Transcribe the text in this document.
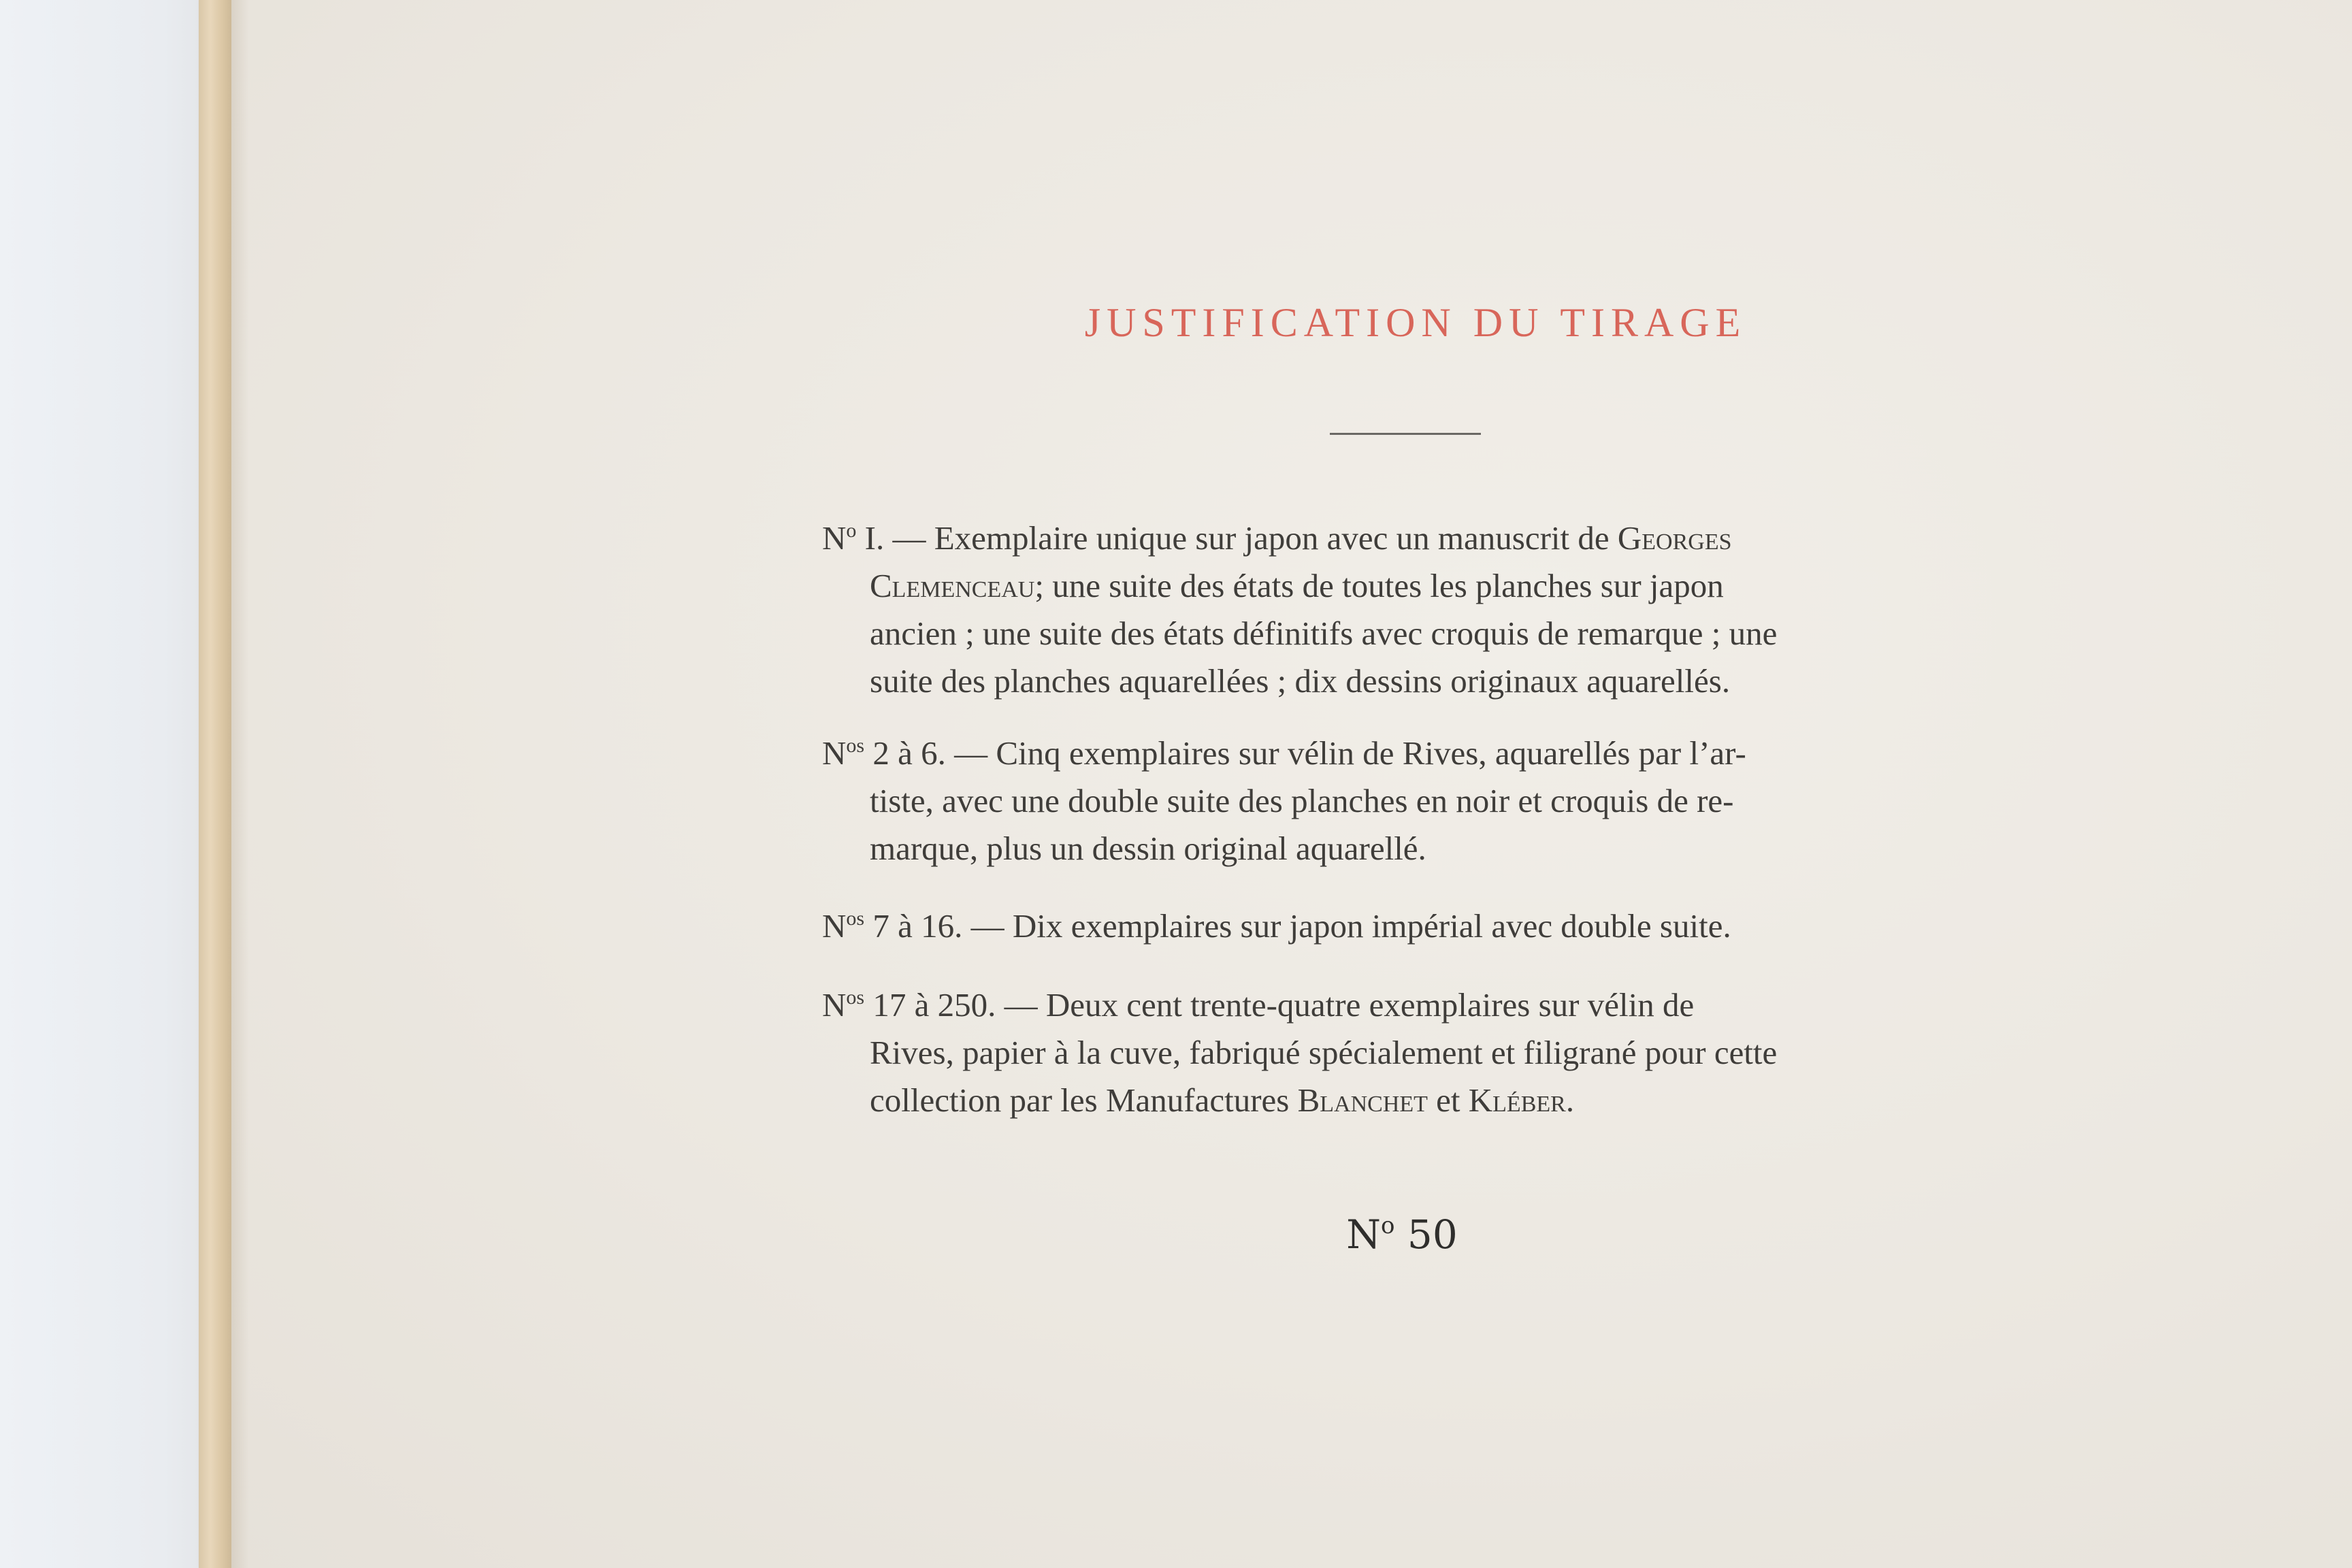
JUSTIFICATION DU TIRAGE

$N^o$ I. — Exemplaire unique sur japon avec un manuscrit de Georges
Clemenceau; une suite des états de toutes les planches sur japon
ancien ; une suite des états définitifs avec croquis de remarque ; une
suite des planches aquarellées ; dix dessins originaux aquarellés.

$N^{os}$ 2 à 6. — Cinq exemplaires sur vélin de Rives, aquarellés par l’ar-
tiste, avec une double suite des planches en noir et croquis de re-
marque, plus un dessin original aquarellé.

$N^{os}$ 7 à 16. — Dix exemplaires sur japon impérial avec double suite.

$N^{os}$ 17 à 250. — Deux cent trente-quatre exemplaires sur vélin de
Rives, papier à la cuve, fabriqué spécialement et filigrané pour cette
collection par les Manufactures Blanchet et Kléber.

$N^o$ 50
